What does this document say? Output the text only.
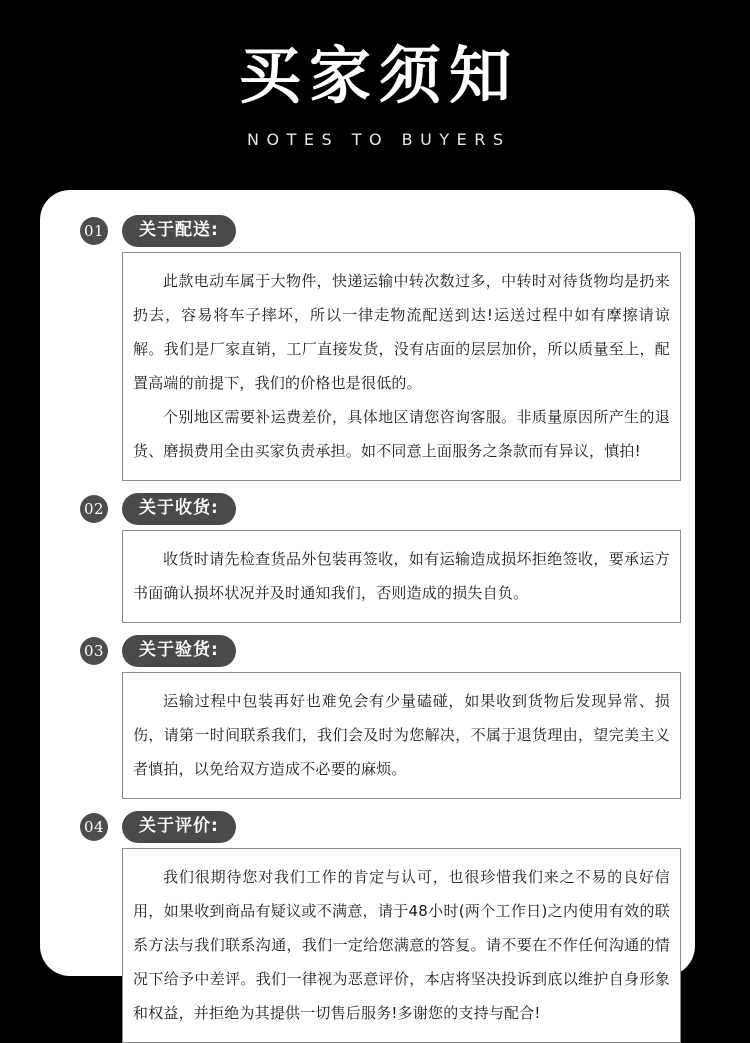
买家须知
NOTES TO BUYERS
01	关于配送:

此款电动车属于大物件，快递运输中转次数过多，中转时对待货物均是扔来扔去，容易将车子摔坏，所以一律走物流配送到达!运送过程中如有摩擦请谅解。我们是厂家直销，工厂直接发货，没有店面的层层加价，所以质量至上，配置高端的前提下，我们的价格也是很低的。

个别地区需要补运费差价，具体地区请您咨询客服。非质量原因所产生的退货、磨损费用全由买家负责承担。如不同意上面服务之条款而有异议，慎拍!

02	关于收货:

收货时请先检查货品外包装再签收，如有运输造成损坏拒绝签收，要承运方书面确认损坏状况并及时通知我们，否则造成的损失自负。

03	关于验货:

运输过程中包装再好也难免会有少量磕碰，如果收到货物后发现异常、损伤，请第一时间联系我们，我们会及时为您解决，不属于退货理由，望完美主义者慎拍，以免给双方造成不必要的麻烦。

04	关于评价:

我们很期待您对我们工作的肯定与认可，也很珍惜我们来之不易的良好信用，如果收到商品有疑议或不满意，请于48小时(两个工作日)之内使用有效的联系方法与我们联系沟通，我们一定给您满意的答复。请不要在不作任何沟通的情况下给予中差评。我们一律视为恶意评价，本店将坚决投诉到底以维护自身形象和权益，并拒绝为其提供一切售后服务!多谢您的支持与配合!
